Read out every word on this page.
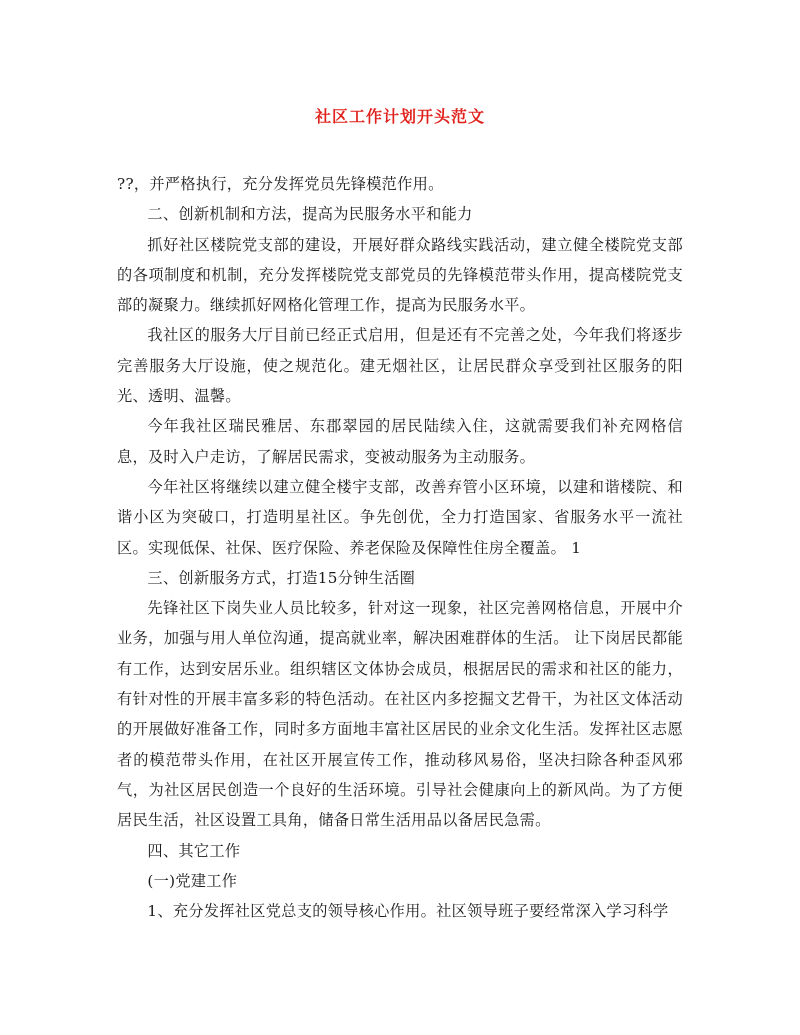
社区工作计划开头范文

??，并严格执行，充分发挥党员先锋模范作用。

二、创新机制和方法，提高为民服务水平和能力

抓好社区楼院党支部的建设，开展好群众路线实践活动，建立健全楼院党支部的各项制度和机制，充分发挥楼院党支部党员的先锋模范带头作用，提高楼院党支部的凝聚力。继续抓好网格化管理工作，提高为民服务水平。

我社区的服务大厅目前已经正式启用，但是还有不完善之处，今年我们将逐步完善服务大厅设施，使之规范化。建无烟社区，让居民群众享受到社区服务的阳光、透明、温馨。

今年我社区瑞民雅居、东郡翠园的居民陆续入住，这就需要我们补充网格信息，及时入户走访，了解居民需求，变被动服务为主动服务。

今年社区将继续以建立健全楼宇支部，改善弃管小区环境，以建和谐楼院、和谐小区为突破口，打造明星社区。争先创优，全力打造国家、省服务水平一流社区。实现低保、社保、医疗保险、养老保险及保障性住房全覆盖。 1

三、创新服务方式，打造15分钟生活圈

先锋社区下岗失业人员比较多，针对这一现象，社区完善网格信息，开展中介业务，加强与用人单位沟通，提高就业率，解决困难群体的生活。 让下岗居民都能有工作，达到安居乐业。组织辖区文体协会成员，根据居民的需求和社区的能力，有针对性的开展丰富多彩的特色活动。在社区内多挖掘文艺骨干，为社区文体活动的开展做好准备工作，同时多方面地丰富社区居民的业余文化生活。发挥社区志愿者的模范带头作用，在社区开展宣传工作，推动移风易俗，坚决扫除各种歪风邪气，为社区居民创造一个良好的生活环境。引导社会健康向上的新风尚。为了方便居民生活，社区设置工具角，储备日常生活用品以备居民急需。

四、其它工作

(一)党建工作

1、充分发挥社区党总支的领导核心作用。社区领导班子要经常深入学习科学
